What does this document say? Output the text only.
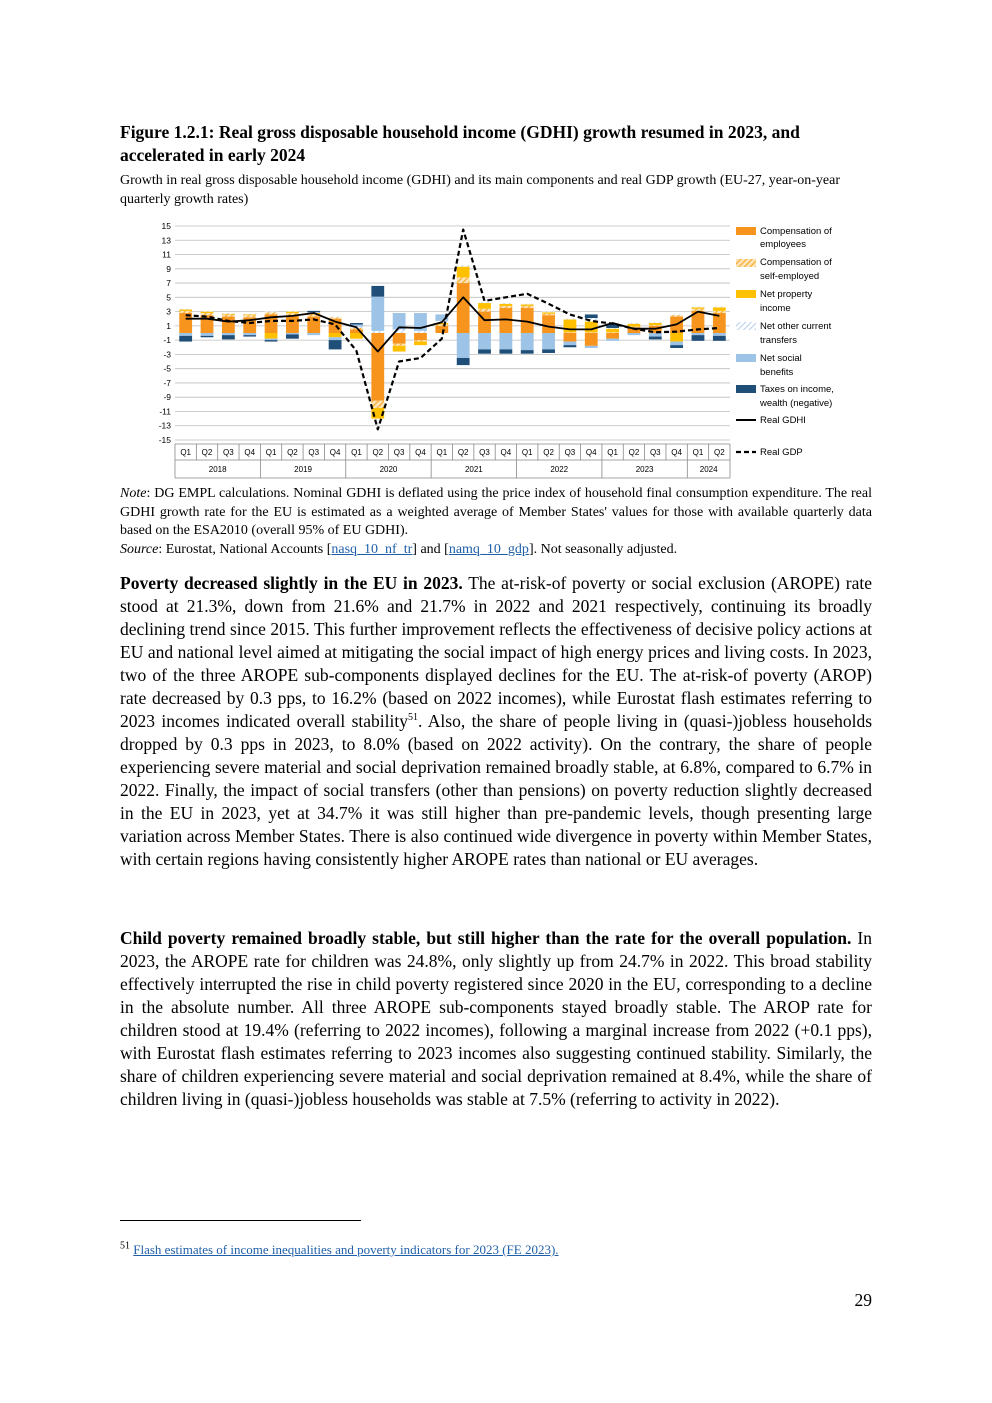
Figure 1.2.1: Real gross disposable household income (GDHI) growth resumed in 2023, and accelerated in early 2024
Growth in real gross disposable household income (GDHI) and its main components and real GDP growth (EU-27, year-on-year quarterly growth rates)
15
13
11
9
7
5
3
1
-1
-3
-5
-7
-9
-11
-13
-15
Q1 Q2 Q3 Q4 Q1 Q2 Q3 Q4 Q1 Q2 Q3 Q4 Q1 Q2 Q3 Q4 Q1 Q2 Q3 Q4 Q1 Q2 Q3 Q4 Q1 Q2
2018	2019	2020	2021	2022	2023	2024
Compensation of
employees
Compensation of
self-employed
Net property
income
Net other current
transfers
Net social
benefits
Taxes on income,
wealth (negative)
Real GDHI
Real GDP
Note: DG EMPL calculations. Nominal GDHI is deflated using the price index of household final consumption expenditure. The real GDHI growth rate for the EU is estimated as a weighted average of Member States' values for those with available quarterly data based on the ESA2010 (overall 95% of EU GDHI).
Source: Eurostat, National Accounts [nasq_10_nf_tr] and [namq_10_gdp]. Not seasonally adjusted.

Poverty decreased slightly in the EU in 2023. The at-risk-of poverty or social exclusion (AROPE) rate stood at 21.3%, down from 21.6% and 21.7% in 2022 and 2021 respectively, continuing its broadly declining trend since 2015. This further improvement reflects the effectiveness of decisive policy actions at EU and national level aimed at mitigating the social impact of high energy prices and living costs. In 2023, two of the three AROPE sub-components displayed declines for the EU. The at-risk-of poverty (AROP) rate decreased by 0.3 pps, to 16.2% (based on 2022 incomes), while Eurostat flash estimates referring to 2023 incomes indicated overall stability$^{51}$. Also, the share of people living in (quasi-)jobless households dropped by 0.3 pps in 2023, to 8.0% (based on 2022 activity). On the contrary, the share of people experiencing severe material and social deprivation remained broadly stable, at 6.8%, compared to 6.7% in 2022. Finally, the impact of social transfers (other than pensions) on poverty reduction slightly decreased in the EU in 2023, yet at 34.7% it was still higher than pre-pandemic levels, though presenting large variation across Member States. There is also continued wide divergence in poverty within Member States, with certain regions having consistently higher AROPE rates than national or EU averages.

Child poverty remained broadly stable, but still higher than the rate for the overall population. In 2023, the AROPE rate for children was 24.8%, only slightly up from 24.7% in 2022. This broad stability effectively interrupted the rise in child poverty registered since 2020 in the EU, corresponding to a decline in the absolute number. All three AROPE sub-components stayed broadly stable. The AROP rate for children stood at 19.4% (referring to 2022 incomes), following a marginal increase from 2022 (+0.1 pps), with Eurostat flash estimates referring to 2023 incomes also suggesting continued stability. Similarly, the share of children experiencing severe material and social deprivation remained at 8.4%, while the share of children living in (quasi-)jobless households was stable at 7.5% (referring to activity in 2022).

$^{51}$ Flash estimates of income inequalities and poverty indicators for 2023 (FE 2023).
29
